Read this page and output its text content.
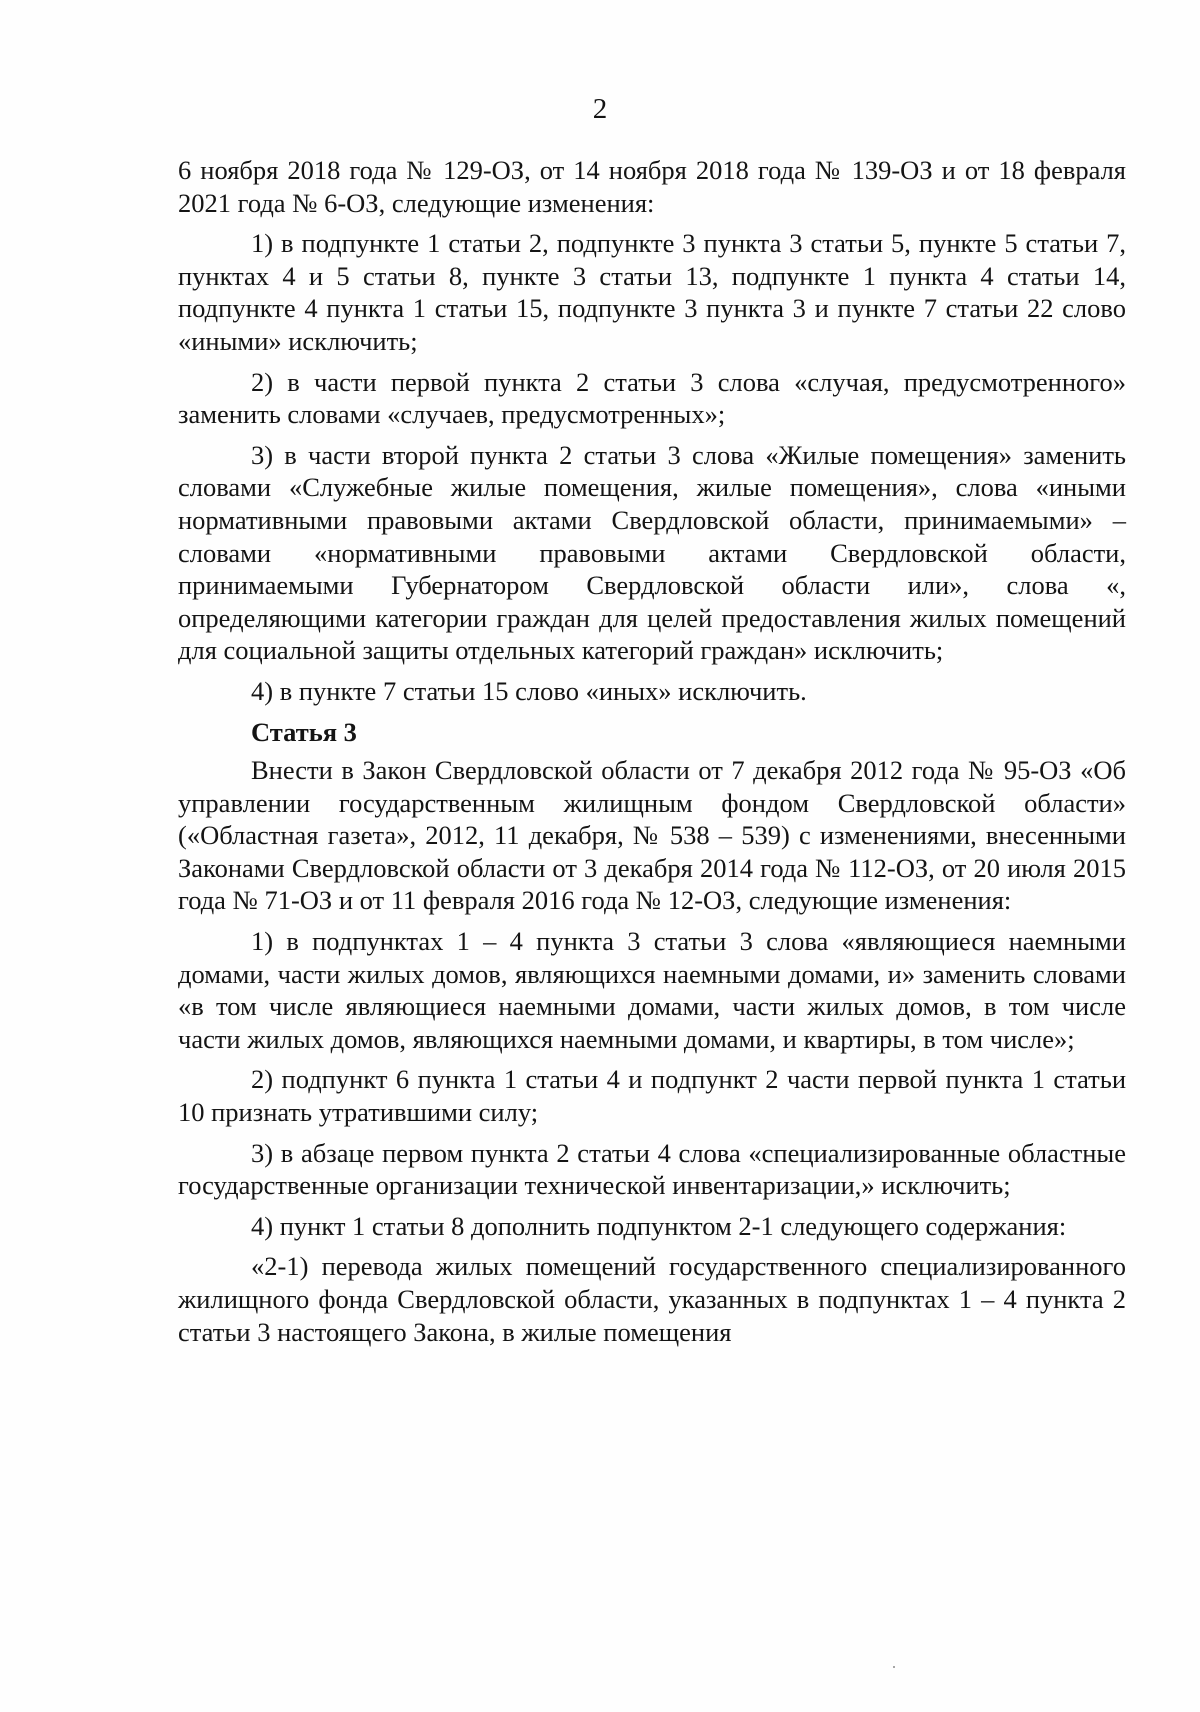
2

6 ноября 2018 года № 129-ОЗ, от 14 ноября 2018 года № 139-ОЗ и от 18 февраля 2021 года № 6-ОЗ, следующие изменения:

1) в подпункте 1 статьи 2, подпункте 3 пункта 3 статьи 5, пункте 5 статьи 7, пунктах 4 и 5 статьи 8, пункте 3 статьи 13, подпункте 1 пункта 4 статьи 14, подпункте 4 пункта 1 статьи 15, подпункте 3 пункта 3 и пункте 7 статьи 22 слово «иными» исключить;

2) в части первой пункта 2 статьи 3 слова «случая, предусмотренного» заменить словами «случаев, предусмотренных»;

3) в части второй пункта 2 статьи 3 слова «Жилые помещения» заменить словами «Служебные жилые помещения, жилые помещения», слова «иными нормативными правовыми актами Свердловской области, принимаемыми» – словами «нормативными правовыми актами Свердловской области, принимаемыми Губернатором Свердловской области или», слова «, определяющими категории граждан для целей предоставления жилых помещений для социальной защиты отдельных категорий граждан» исключить;

4) в пункте 7 статьи 15 слово «иных» исключить.

Статья 3

Внести в Закон Свердловской области от 7 декабря 2012 года № 95-ОЗ «Об управлении государственным жилищным фондом Свердловской области» («Областная газета», 2012, 11 декабря, № 538 – 539) с изменениями, внесенными Законами Свердловской области от 3 декабря 2014 года № 112-ОЗ, от 20 июля 2015 года № 71-ОЗ и от 11 февраля 2016 года № 12-ОЗ, следующие изменения:

1) в подпунктах 1 – 4 пункта 3 статьи 3 слова «являющиеся наемными домами, части жилых домов, являющихся наемными домами, и» заменить словами «в том числе являющиеся наемными домами, части жилых домов, в том числе части жилых домов, являющихся наемными домами, и квартиры, в том числе»;

2) подпункт 6 пункта 1 статьи 4 и подпункт 2 части первой пункта 1 статьи 10 признать утратившими силу;

3) в абзаце первом пункта 2 статьи 4 слова «специализированные областные государственные организации технической инвентаризации,» исключить;

4) пункт 1 статьи 8 дополнить подпунктом 2-1 следующего содержания:

«2-1) перевода жилых помещений государственного специализированного жилищного фонда Свердловской области, указанных в подпунктах 1 – 4 пункта 2 статьи 3 настоящего Закона, в жилые помещения
